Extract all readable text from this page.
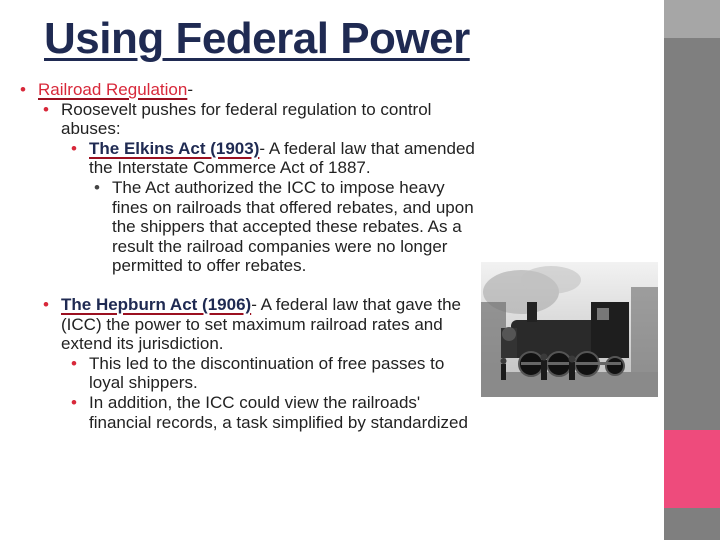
Using Federal Power
• Railroad Regulation-
• Roosevelt pushes for federal regulation to control abuses:
• The Elkins Act (1903)- A federal law that amended the Interstate Commerce Act of 1887.
• The Act authorized the ICC to impose heavy fines on railroads that offered rebates, and upon the shippers that accepted these rebates. As a result the railroad companies were no longer permitted to offer rebates.
• The Hepburn Act (1906)- A federal law that gave the (ICC) the power to set maximum railroad rates and extend its jurisdiction.
• This led to the discontinuation of free passes to loyal shippers.
• In addition, the ICC could view the railroads' financial records, a task simplified by standardized
